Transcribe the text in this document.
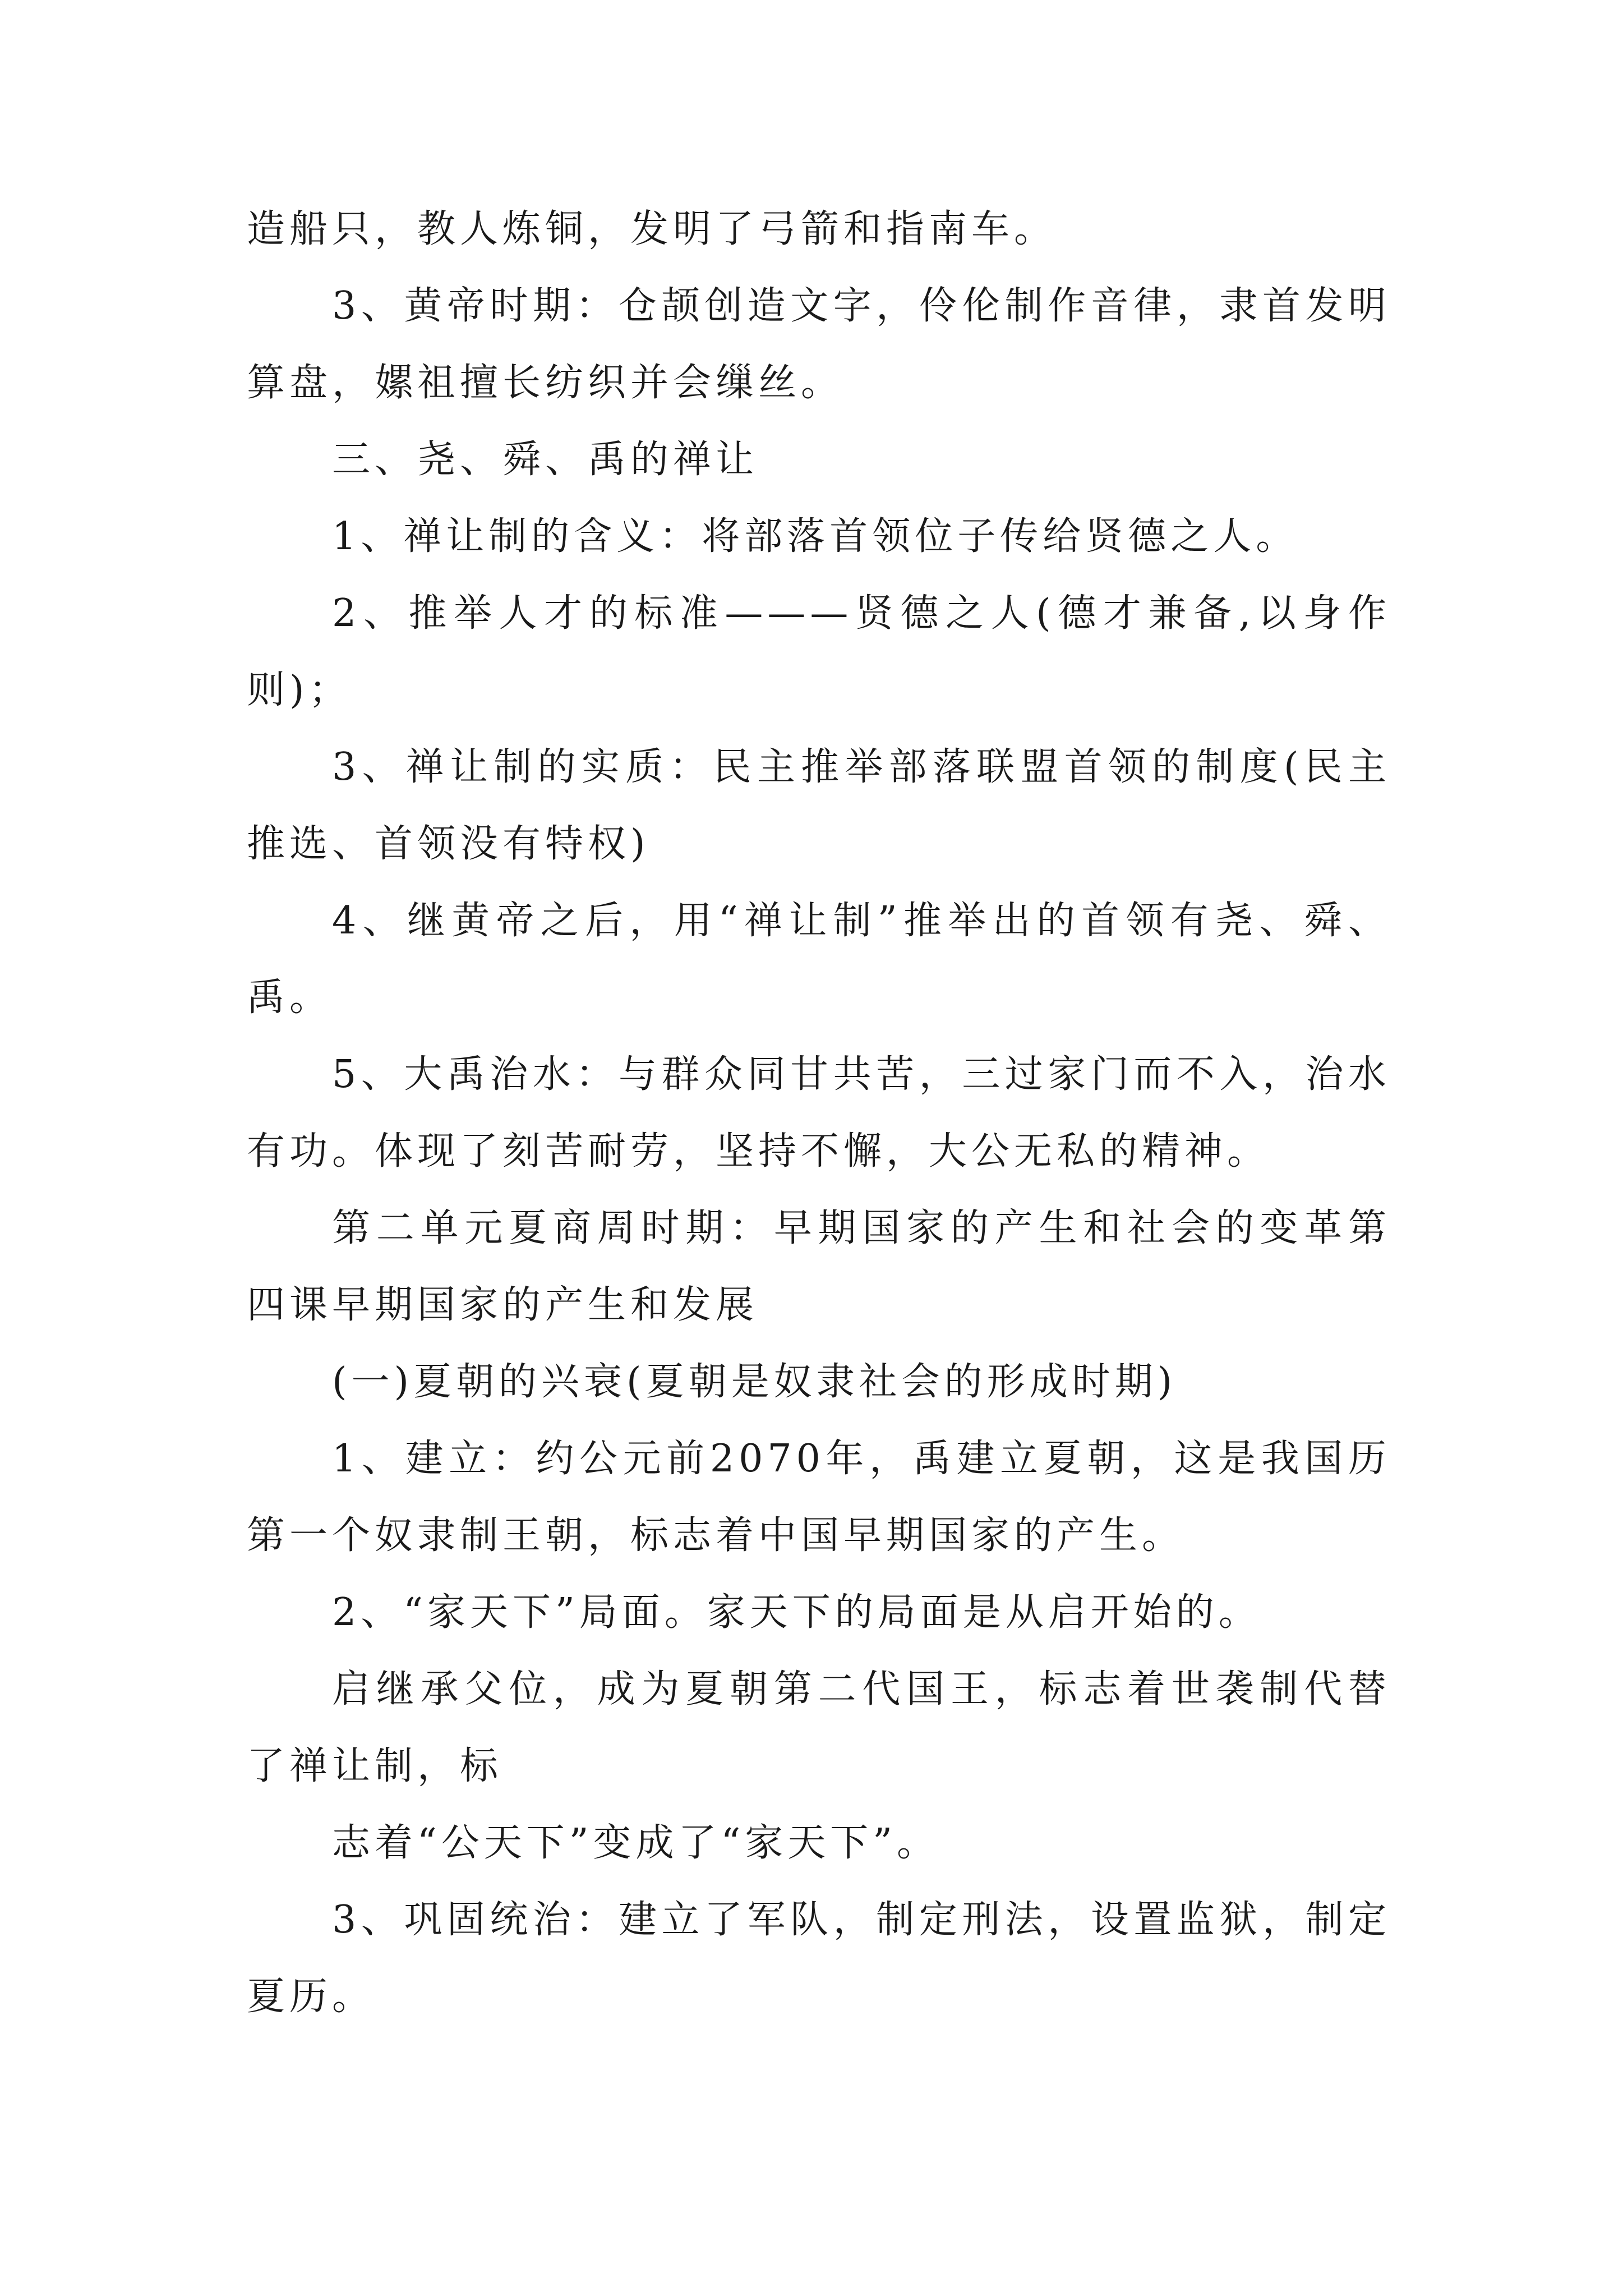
造船只，教人炼铜，发明了弓箭和指南车。

3、黄帝时期：仓颉创造文字，伶伦制作音律，隶首发明算盘，嫘祖擅长纺织并会缫丝。

三、尧、舜、禹的禅让

1、禅让制的含义：将部落首领位子传给贤德之人。

2、推举人才的标准———贤德之人(德才兼备,以身作则)；

3、禅让制的实质：民主推举部落联盟首领的制度(民主推选、首领没有特权)

4、继黄帝之后，用“禅让制”推举出的首领有尧、舜、禹。

5、大禹治水：与群众同甘共苦，三过家门而不入，治水有功。体现了刻苦耐劳，坚持不懈，大公无私的精神。

第二单元夏商周时期：早期国家的产生和社会的变革第四课早期国家的产生和发展

(一)夏朝的兴衰(夏朝是奴隶社会的形成时期)

1、建立：约公元前2070年，禹建立夏朝，这是我国历第一个奴隶制王朝，标志着中国早期国家的产生。

2、“家天下”局面。家天下的局面是从启开始的。

启继承父位，成为夏朝第二代国王，标志着世袭制代替了禅让制，标

志着“公天下”变成了“家天下”。

3、巩固统治：建立了军队，制定刑法，设置监狱，制定夏历。
